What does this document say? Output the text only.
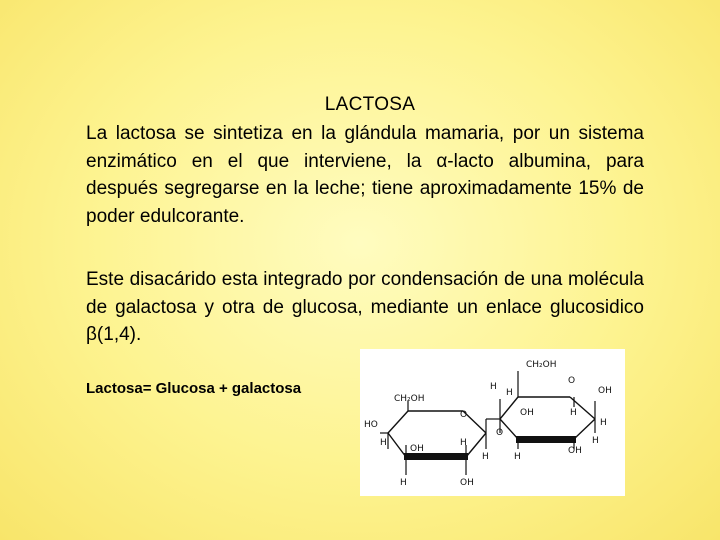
LACTOSA

La lactosa se sintetiza en la glándula mamaria, por un sistema enzimático en el que interviene, la α-lacto albumina, para después segregarse en la leche; tiene aproximadamente 15% de poder edulcorante.

Este disacárido esta integrado por condensación de una molécula de galactosa y otra de glucosa, mediante un enlace glucosidico β(1,4).

Lactosa= Glucosa + galactosa
CH₂OH
CH₂OH
O
O
O
HO
OH
OH
OH
OH
OH
H
H
H
H
H
H
H
H
H
H
